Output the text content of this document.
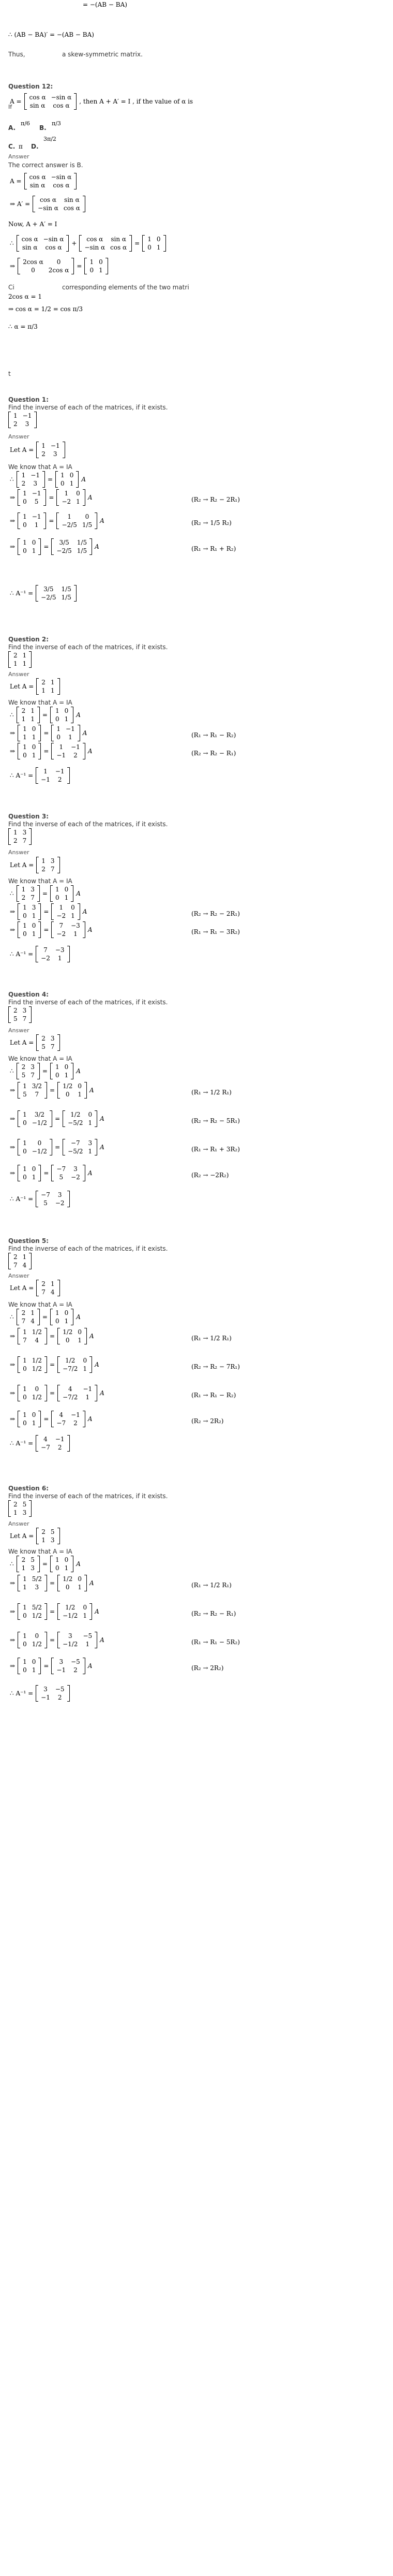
= −(AB − BA)
∴ (AB − BA)′ = −(AB − BA)
Thus,	a skew-symmetric matrix.
Question 12:
A =
cos α	−sin α
sin α	cos α
, then A + A′ = I , if the value of α is
If
A.
π/6
B.
π/3
C. π D.
3π/2
Answer
The correct answer is B.
A =
cos α	−sin α
sin α	cos α
⇒ A′ =
cos α	sin α
−sin α	cos α
Now, A + A′ = I
∴
cos α	−sin α
sin α	cos α
+
cos α	sin α
−sin α	cos α
=
1	0
0	1
⇒
2cos α	0
0	2cos α
=
1	0
0	1
Ci	corresponding elements of the two matri
2cos α = 1
⇒ cos α = 1/2 = cos π/3
∴ α = π/3
t
Question 1:
Find the inverse of each of the matrices, if it exists.
1	−1
2	3
Answer
Let A =
1	−1
2	3
We know that A = IA
∴
1	−1
2	3
=
1	0
0	1
A
⇒
1	−1
0	5
=
1	0
−2	1
A	(R₂ → R₂ − 2R₁)
⇒
1	−1
0	1
=
1	0
−2/5	1/5
A	(R₂ → 1/5 R₂)
⇒
1	0
0	1
=
3/5	1/5
−2/5	1/5
A	(R₁ → R₁ + R₂)
∴ A⁻¹ =
3/5	1/5
−2/5	1/5
Question 2:
Find the inverse of each of the matrices, if it exists.
2	1
1	1
Answer
Let A =
2	1
1	1
We know that A = IA
∴
2	1
1	1
=
1	0
0	1
A
⇒
1	0
1	1
=
1	−1
0	1
A	(R₁ → R₁ − R₂)
⇒
1	0
0	1
=
1	−1
−1	2
A	(R₂ → R₂ − R₁)
∴ A⁻¹ =
1	−1
−1	2
Question 3:
Find the inverse of each of the matrices, if it exists.
1	3
2	7
Answer
Let A =
1	3
2	7
We know that A = IA
∴
1	3
2	7
=
1	0
0	1
A
⇒
1	3
0	1
=
1	0
−2	1
A	(R₂ → R₂ − 2R₁)
⇒
1	0
0	1
=
7	−3
−2	1
A	(R₁ → R₁ − 3R₂)
∴ A⁻¹ =
7	−3
−2	1
Question 4:
Find the inverse of each of the matrices, if it exists.
2	3
5	7
Answer
Let A =
2	3
5	7
We know that A = IA
∴
2	3
5	7
=
1	0
0	1
A
⇒
1	3/2
5	7
=
1/2	0
0	1
A	(R₁ → 1/2 R₁)
⇒
1	3/2
0	−1/2
=
1/2	0
−5/2	1
A	(R₂ → R₂ − 5R₁)
⇒
1	0
0	−1/2
=
−7	3
−5/2	1
A	(R₁ → R₁ + 3R₂)
⇒
1	0
0	1
=
−7	3
5	−2
A	(R₂ → −2R₂)
∴ A⁻¹ =
−7	3
5	−2
Question 5:
Find the inverse of each of the matrices, if it exists.
2	1
7	4
Answer
Let A =
2	1
7	4
We know that A = IA
∴
2	1
7	4
=
1	0
0	1
A
⇒
1	1/2
7	4
=
1/2	0
0	1
A	(R₁ → 1/2 R₁)
⇒
1	1/2
0	1/2
=
1/2	0
−7/2	1
A	(R₂ → R₂ − 7R₁)
⇒
1	0
0	1/2
=
4	−1
−7/2	1
A	(R₁ → R₁ − R₂)
⇒
1	0
0	1
=
4	−1
−7	2
A	(R₂ → 2R₂)
∴ A⁻¹ =
4	−1
−7	2
Question 6:
Find the inverse of each of the matrices, if it exists.
2	5
1	3
Answer
Let A =
2	5
1	3
We know that A = IA
∴
2	5
1	3
=
1	0
0	1
A
⇒
1	5/2
1	3
=
1/2	0
0	1
A	(R₁ → 1/2 R₁)
⇒
1	5/2
0	1/2
=
1/2	0
−1/2	1
A	(R₂ → R₂ − R₁)
⇒
1	0
0	1/2
=
3	−5
−1/2	1
A	(R₁ → R₁ − 5R₂)
⇒
1	0
0	1
=
3	−5
−1	2
A	(R₂ → 2R₂)
∴ A⁻¹ =
3	−5
−1	2
